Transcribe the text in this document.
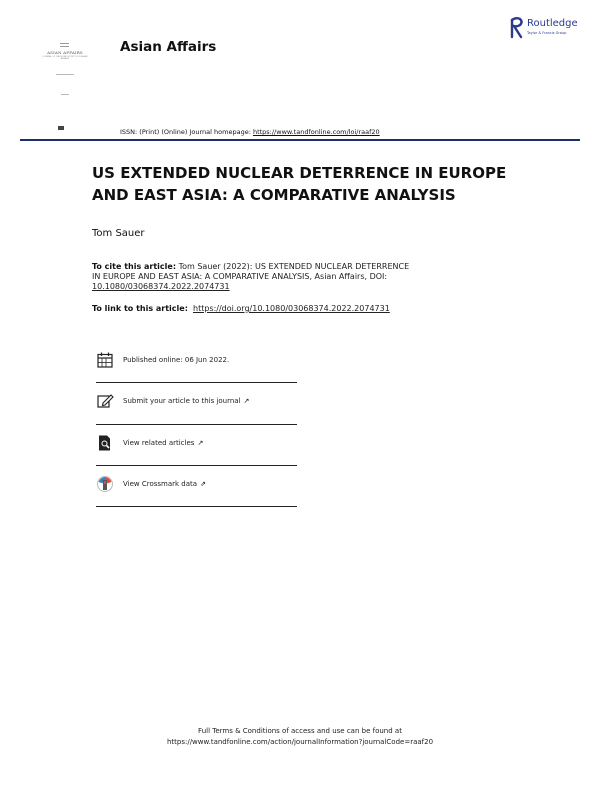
ASIAN AFFAIRS
JOURNAL OF THE ROYAL SOCIETY FOR ASIAN AFFAIRS
Asian Affairs
Routledge
Taylor & Francis Group
ISSN: (Print) (Online) Journal homepage: https://www.tandfonline.com/loi/raaf20
US EXTENDED NUCLEAR DETERRENCE IN EUROPE
AND EAST ASIA: A COMPARATIVE ANALYSIS
Tom Sauer
To cite this article: Tom Sauer (2022): US EXTENDED NUCLEAR DETERRENCE
IN EUROPE AND EAST ASIA: A COMPARATIVE ANALYSIS, Asian Affairs, DOI:
10.1080/03068374.2022.2074731
To link to this article: https://doi.org/10.1080/03068374.2022.2074731
Published online: 06 Jun 2022.
Submit your article to this journal ↗
View related articles ↗
View Crossmark data ⇗
Full Terms & Conditions of access and use can be found at
https://www.tandfonline.com/action/journalInformation?journalCode=raaf20
